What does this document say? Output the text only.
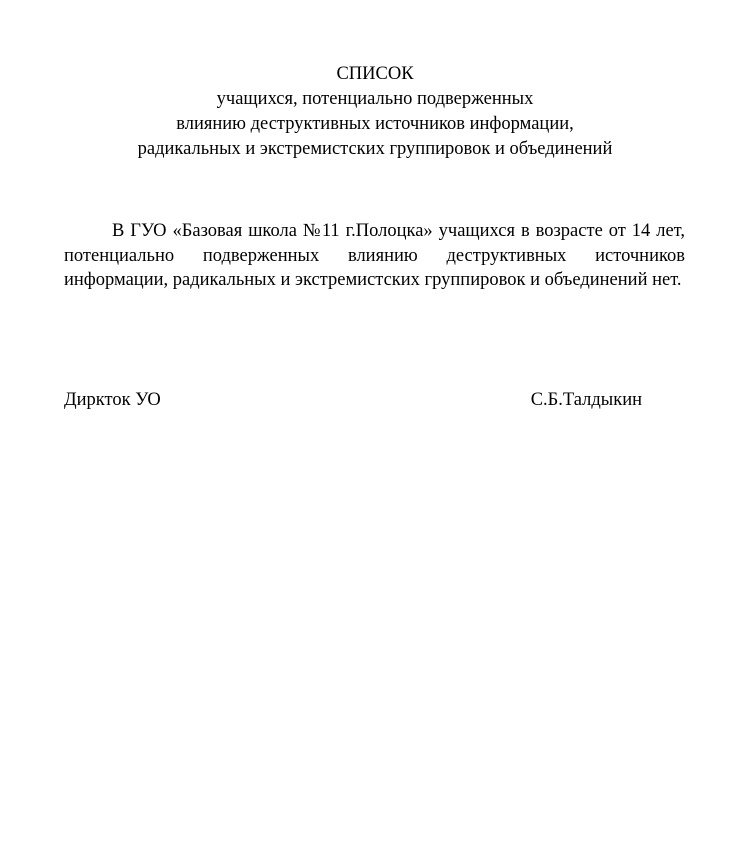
СПИСОК
учащихся, потенциально подверженных
влиянию деструктивных источников информации,
радикальных и экстремистских группировок и объединений

В ГУО «Базовая школа №11 г.Полоцка» учащихся в возрасте от 14 лет, потенциально подверженных влиянию деструктивных источников информации, радикальных и экстремистских группировок и объединений нет.

Диркток УО	С.Б.Талдыкин
